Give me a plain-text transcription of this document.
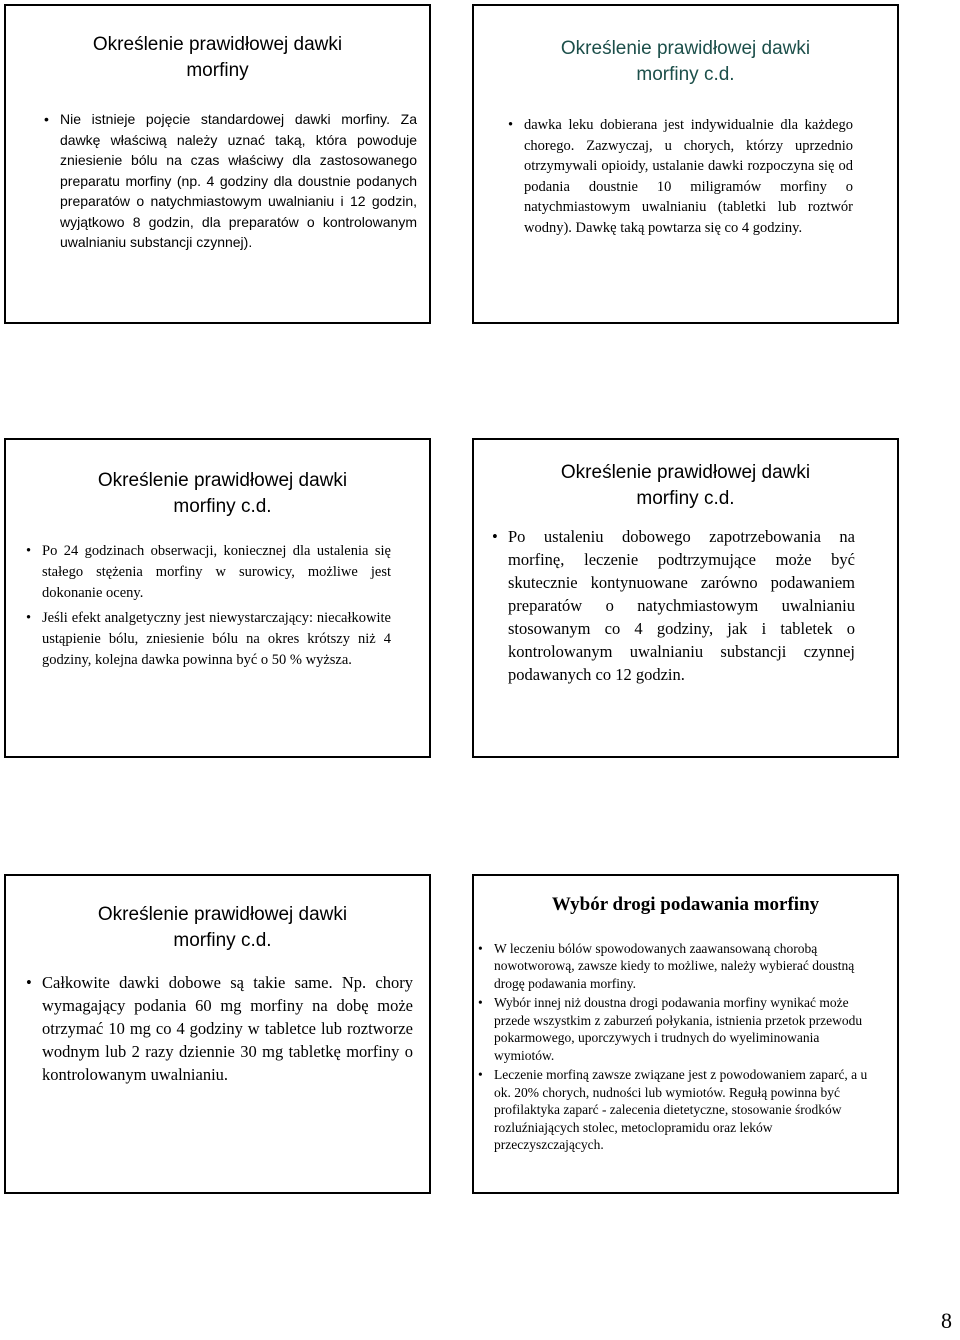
Określenie prawidłowej dawki
morfiny
• Nie istnieje pojęcie standardowej dawki morfiny. Za dawkę właściwą należy uznać taką, która powoduje zniesienie bólu na czas właściwy dla zastosowanego preparatu morfiny (np. 4 godziny dla doustnie podanych preparatów o natychmiastowym uwalnianiu i 12 godzin, wyjątkowo 8 godzin, dla preparatów o kontrolowanym uwalnianiu substancji czynnej).
Określenie prawidłowej dawki
morfiny c.d.
• dawka leku dobierana jest indywidualnie dla każdego chorego. Zazwyczaj, u chorych, którzy uprzednio otrzymywali opioidy, ustalanie dawki rozpoczyna się od podania doustnie 10 miligramów morfiny o natychmiastowym uwalnianiu (tabletki lub roztwór wodny). Dawkę taką powtarza się co 4 godziny.
Określenie prawidłowej dawki
morfiny c.d.
• Po 24 godzinach obserwacji, koniecznej dla ustalenia się stałego stężenia morfiny w surowicy, możliwe jest dokonanie oceny.
• Jeśli efekt analgetyczny jest niewystarczający: niecałkowite ustąpienie bólu, zniesienie bólu na okres krótszy niż 4 godziny, kolejna dawka powinna być o 50 % wyższa.
Określenie prawidłowej dawki
morfiny c.d.
• Po ustaleniu dobowego zapotrzebowania na morfinę, leczenie podtrzymujące może być skutecznie kontynuowane zarówno podawaniem preparatów o natychmiastowym uwalnianiu stosowanym co 4 godziny, jak i tabletek o kontrolowanym uwalnianiu substancji czynnej podawanych co 12 godzin.
Określenie prawidłowej dawki
morfiny c.d.
• Całkowite dawki dobowe są takie same. Np. chory wymagający podania 60 mg morfiny na dobę może otrzymać 10 mg co 4 godziny w tabletce lub roztworze wodnym lub 2 razy dziennie 30 mg tabletkę morfiny o kontrolowanym uwalnianiu.
Wybór drogi podawania morfiny
• W leczeniu bólów spowodowanych zaawansowaną chorobą nowotworową, zawsze kiedy to możliwe, należy wybierać doustną drogę podawania morfiny.
• Wybór innej niż doustna drogi podawania morfiny wynikać może przede wszystkim z zaburzeń połykania, istnienia przetok przewodu pokarmowego, uporczywych i trudnych do wyeliminowania wymiotów.
• Leczenie morfiną zawsze związane jest z powodowaniem zaparć, a u ok. 20% chorych, nudności lub wymiotów. Regułą powinna być profilaktyka zaparć - zalecenia dietetyczne, stosowanie środków rozluźniających stolec, metoclopramidu oraz leków przeczyszczających.
8
